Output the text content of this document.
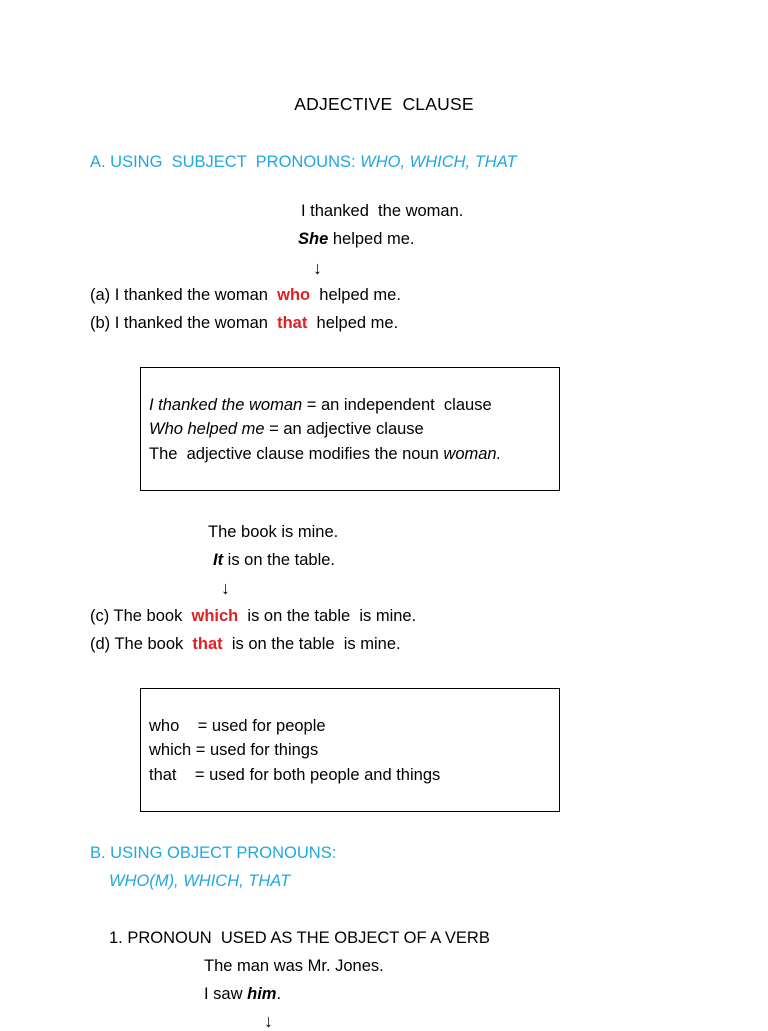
ADJECTIVE  CLAUSE
A. USING  SUBJECT  PRONOUNS: WHO, WHICH, THAT
I thanked  the woman.
She helped me.
↓
(a) I thanked the woman  who  helped me.
(b) I thanked the woman  that  helped me.
I thanked the woman = an independent  clause
Who helped me = an adjective clause
The  adjective clause modifies the noun woman.
The book is mine.
It is on the table.
↓
(c) The book  which  is on the table  is mine.
(d) The book  that  is on the table  is mine.
who    = used for people
which = used for things
that    = used for both people and things
B. USING OBJECT PRONOUNS:
WHO(M), WHICH, THAT
1. PRONOUN  USED AS THE OBJECT OF A VERB
The man was Mr. Jones.
I saw him.
↓
